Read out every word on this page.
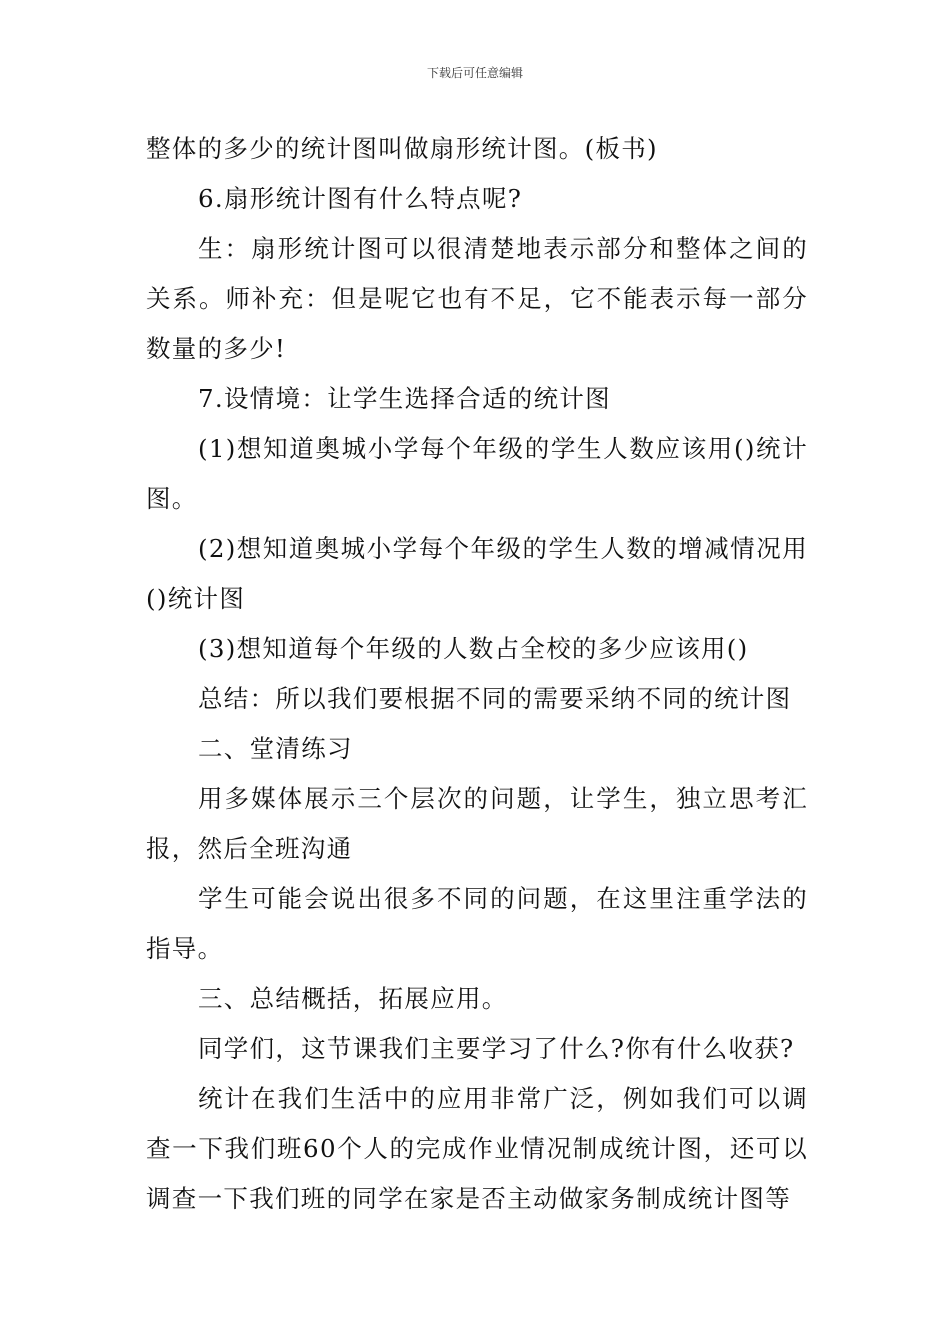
下载后可任意编辑

整体的多少的统计图叫做扇形统计图。(板书)

6.扇形统计图有什么特点呢?

生：扇形统计图可以很清楚地表示部分和整体之间的关系。师补充：但是呢它也有不足，它不能表示每一部分数量的多少!

7.设情境：让学生选择合适的统计图

(1)想知道奥城小学每个年级的学生人数应该用()统计图。

(2)想知道奥城小学每个年级的学生人数的增减情况用()统计图

(3)想知道每个年级的人数占全校的多少应该用()

总结：所以我们要根据不同的需要采纳不同的统计图

二、堂清练习

用多媒体展示三个层次的问题，让学生，独立思考汇报，然后全班沟通

学生可能会说出很多不同的问题，在这里注重学法的指导。

三、总结概括，拓展应用。

同学们，这节课我们主要学习了什么?你有什么收获?

统计在我们生活中的应用非常广泛，例如我们可以调查一下我们班60个人的完成作业情况制成统计图，还可以调查一下我们班的同学在家是否主动做家务制成统计图等
